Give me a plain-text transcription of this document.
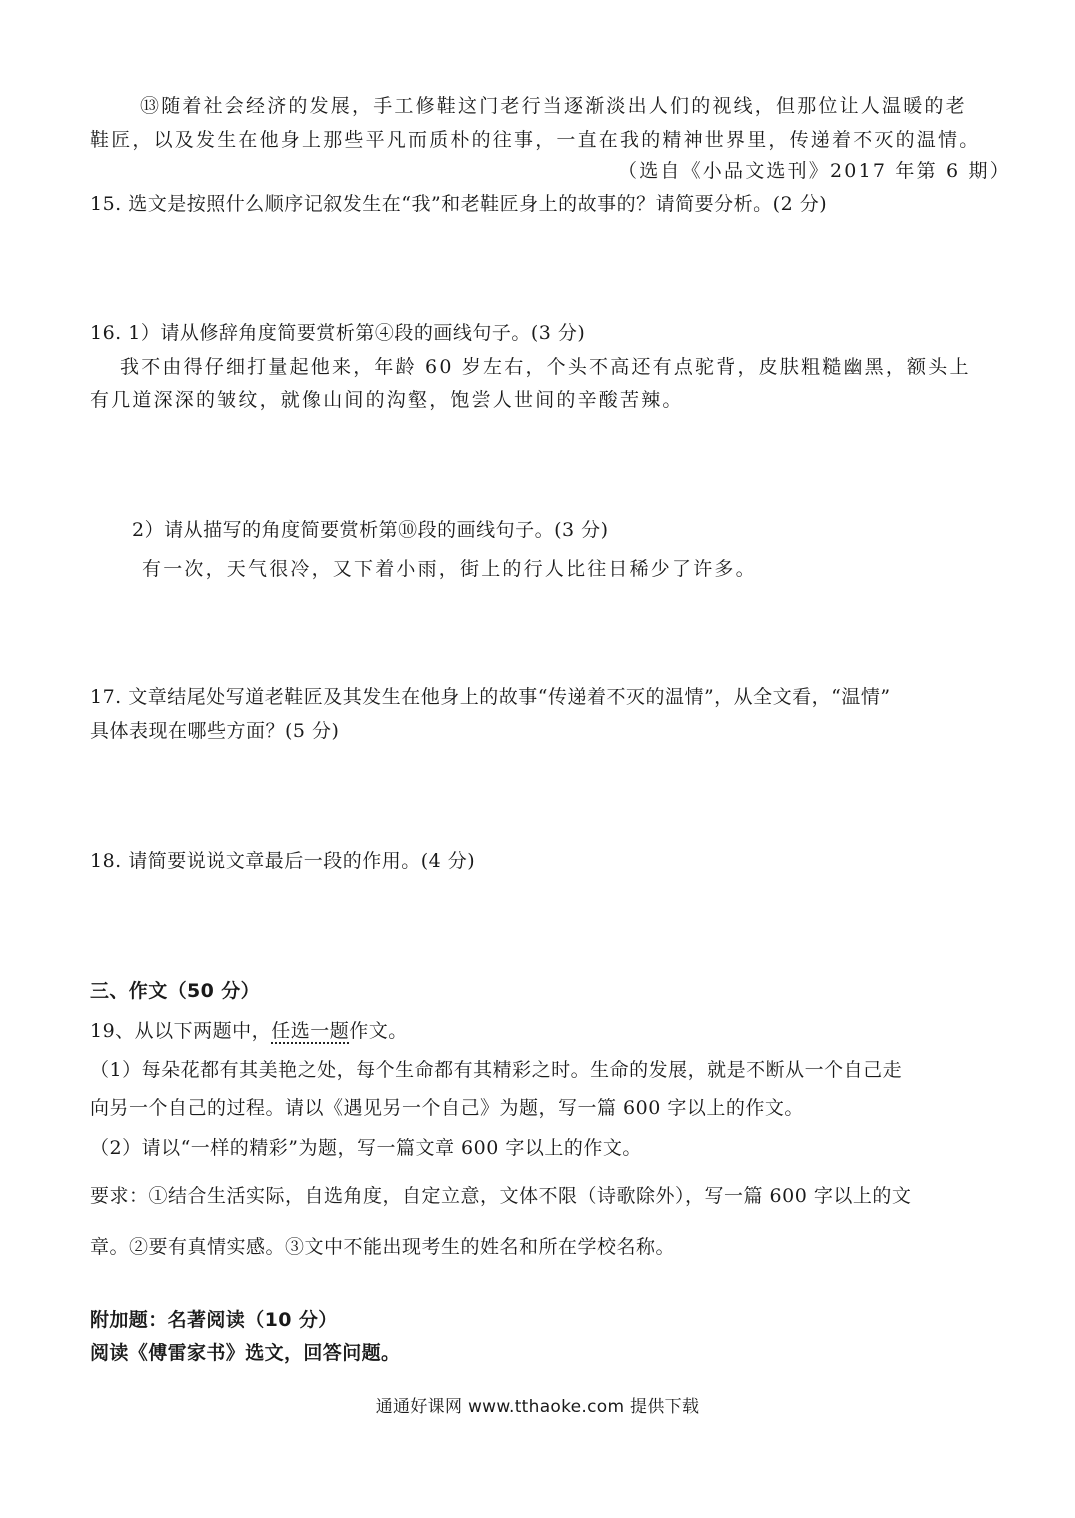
⑬随着社会经济的发展，手工修鞋这门老行当逐渐淡出人们的视线，但那位让人温暖的老
鞋匠，以及发生在他身上那些平凡而质朴的往事，一直在我的精神世界里，传递着不灭的温情。
（选自《小品文选刊》2017 年第 6 期）
15. 选文是按照什么顺序记叙发生在“我”和老鞋匠身上的故事的？请简要分析。(2 分)
16. 1）请从修辞角度简要赏析第④段的画线句子。(3 分)
我不由得仔细打量起他来，年龄 60 岁左右，个头不高还有点驼背，皮肤粗糙幽黑，额头上
有几道深深的皱纹，就像山间的沟壑，饱尝人世间的辛酸苦辣。
2）请从描写的角度简要赏析第⑩段的画线句子。(3 分)
有一次，天气很冷，又下着小雨，街上的行人比往日稀少了许多。
17. 文章结尾处写道老鞋匠及其发生在他身上的故事“传递着不灭的温情”，从全文看，“温情”
具体表现在哪些方面？(5 分)
18. 请简要说说文章最后一段的作用。(4 分)
三、作文（50 分）
19、从以下两题中，任选一题作文。
（1）每朵花都有其美艳之处，每个生命都有其精彩之时。生命的发展，就是不断从一个自己走
向另一个自己的过程。请以《遇见另一个自己》为题，写一篇 600 字以上的作文。
（2）请以“一样的精彩”为题，写一篇文章 600 字以上的作文。
要求：①结合生活实际，自选角度，自定立意，文体不限（诗歌除外），写一篇 600 字以上的文
章。②要有真情实感。③文中不能出现考生的姓名和所在学校名称。
附加题：名著阅读（10 分）
阅读《傅雷家书》选文，回答问题。
通通好课网 www.tthaoke.com 提供下载
